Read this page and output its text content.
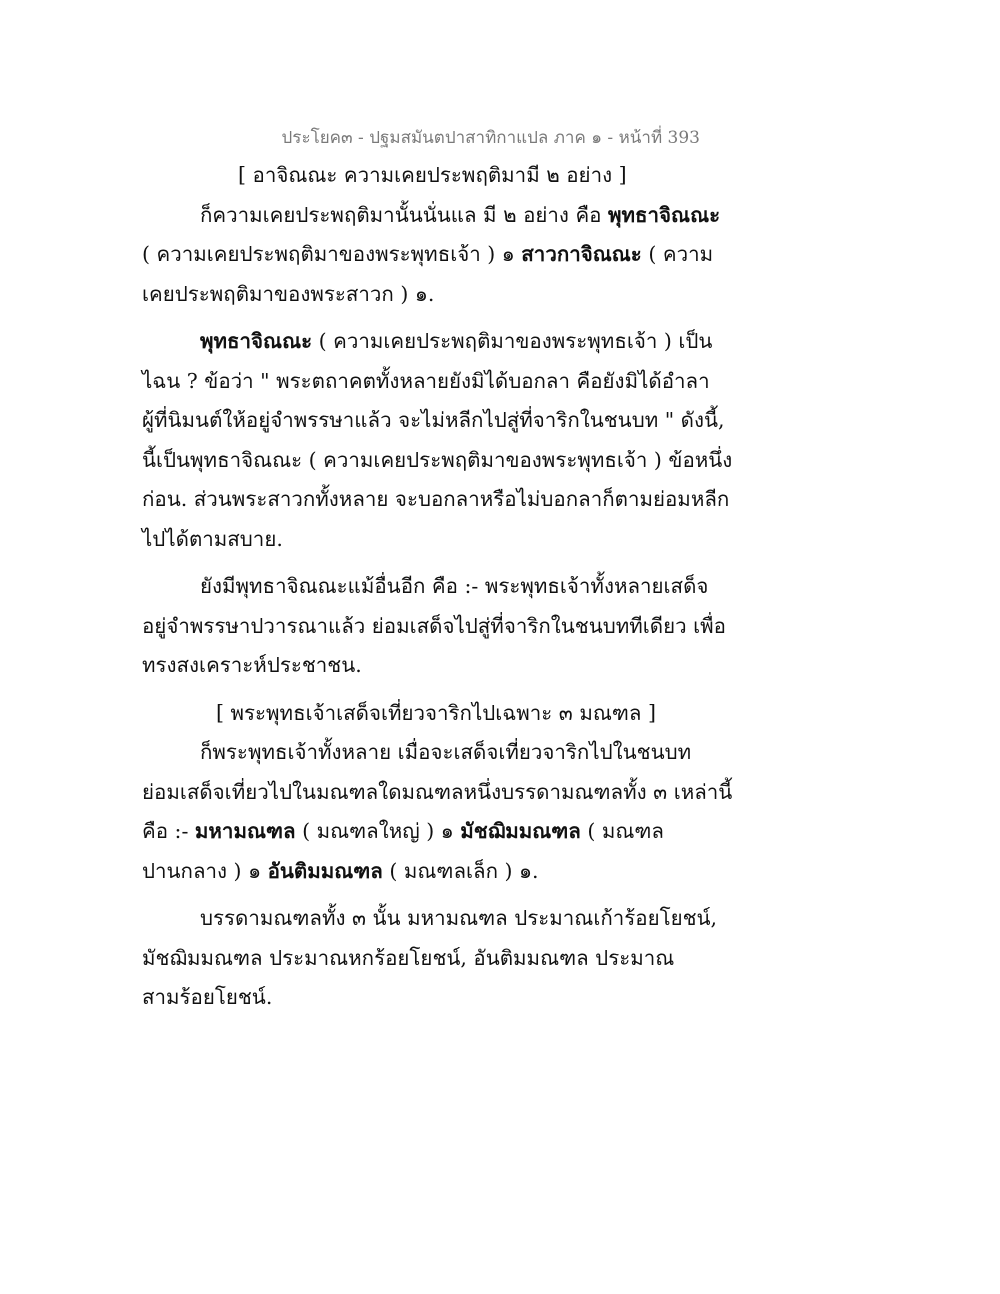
ประโยค๓ - ปฐมสมันตปาสาทิกาแปล ภาค ๑ - หน้าที่ 393
[ อาจิณณะ ความเคยประพฤติมามี ๒ อย่าง ]
ก็ความเคยประพฤติมานั้นนั่นแล มี ๒ อย่าง คือ พุทธาจิณณะ
( ความเคยประพฤติมาของพระพุทธเจ้า ) ๑ สาวกาจิณณะ ( ความ
เคยประพฤติมาของพระสาวก ) ๑.
พุทธาจิณณะ ( ความเคยประพฤติมาของพระพุทธเจ้า ) เป็น
ไฉน ? ข้อว่า " พระตถาคตทั้งหลายยังมิได้บอกลา คือยังมิได้อำลา
ผู้ที่นิมนต์ให้อยู่จำพรรษาแล้ว จะไม่หลีกไปสู่ที่จาริกในชนบท " ดังนี้,
นี้เป็นพุทธาจิณณะ ( ความเคยประพฤติมาของพระพุทธเจ้า ) ข้อหนึ่ง
ก่อน. ส่วนพระสาวกทั้งหลาย จะบอกลาหรือไม่บอกลาก็ตามย่อมหลีก
ไปได้ตามสบาย.
ยังมีพุทธาจิณณะแม้อื่นอีก คือ :- พระพุทธเจ้าทั้งหลายเสด็จ
อยู่จำพรรษาปวารณาแล้ว ย่อมเสด็จไปสู่ที่จาริกในชนบททีเดียว เพื่อ
ทรงสงเคราะห์ประชาชน.
[ พระพุทธเจ้าเสด็จเที่ยวจาริกไปเฉพาะ ๓ มณฑล ]
ก็พระพุทธเจ้าทั้งหลาย เมื่อจะเสด็จเที่ยวจาริกไปในชนบท
ย่อมเสด็จเที่ยวไปในมณฑลใดมณฑลหนึ่งบรรดามณฑลทั้ง ๓ เหล่านี้
คือ :- มหามณฑล ( มณฑลใหญ่ ) ๑ มัชฌิมมณฑล ( มณฑล
ปานกลาง ) ๑ อันติมมณฑล ( มณฑลเล็ก ) ๑.
บรรดามณฑลทั้ง ๓ นั้น มหามณฑล ประมาณเก้าร้อยโยชน์,
มัชฌิมมณฑล ประมาณหกร้อยโยชน์, อันติมมณฑล ประมาณ
สามร้อยโยชน์.
